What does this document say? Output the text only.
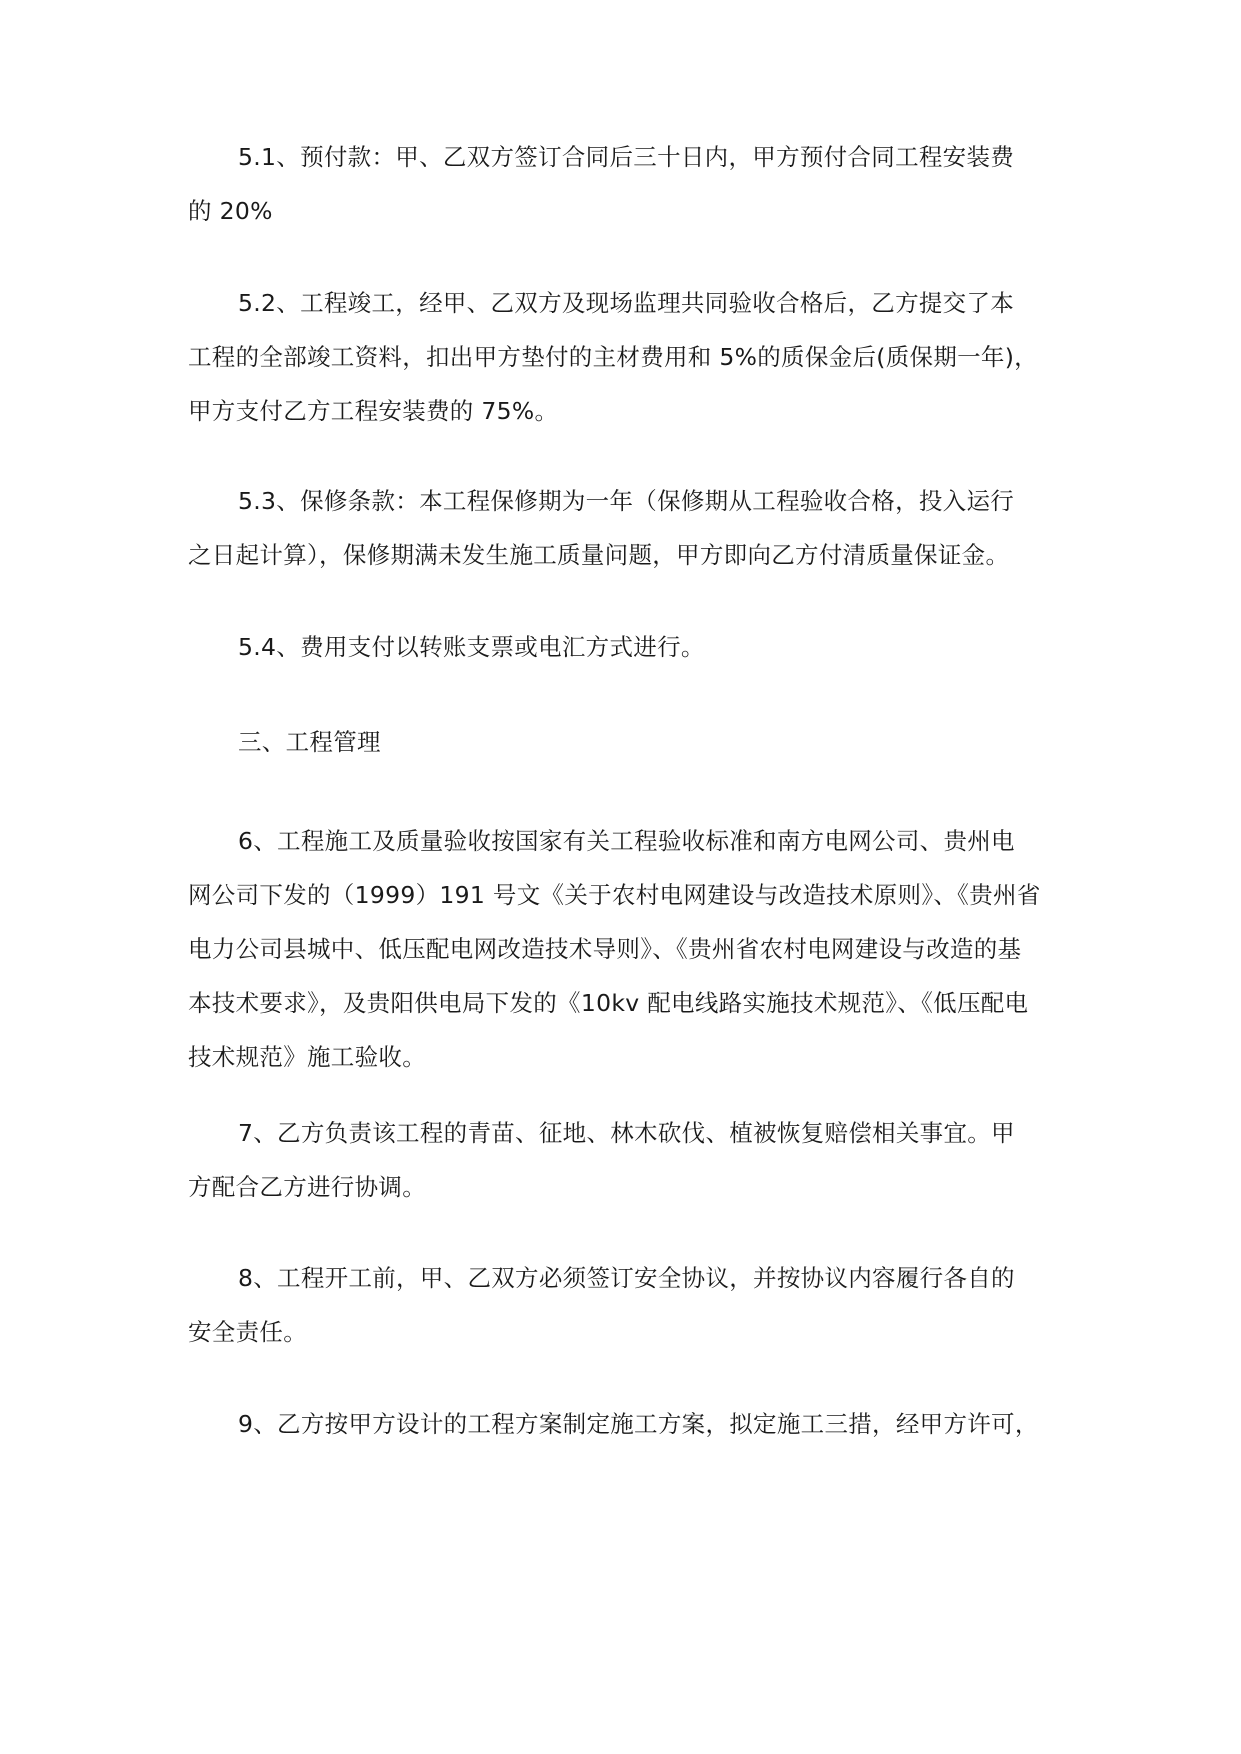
5.1、预付款：甲、乙双方签订合同后三十日内，甲方预付合同工程安装费
的 20%

5.2、工程竣工，经甲、乙双方及现场监理共同验收合格后，乙方提交了本
工程的全部竣工资料，扣出甲方垫付的主材费用和 5%的质保金后(质保期一年)，
甲方支付乙方工程安装费的 75%。

5.3、保修条款：本工程保修期为一年（保修期从工程验收合格，投入运行
之日起计算），保修期满未发生施工质量问题，甲方即向乙方付清质量保证金。

5.4、费用支付以转账支票或电汇方式进行。

三、工程管理

6、工程施工及质量验收按国家有关工程验收标准和南方电网公司、贵州电
网公司下发的（1999）191 号文《关于农村电网建设与改造技术原则》、《贵州省
电力公司县城中、低压配电网改造技术导则》、《贵州省农村电网建设与改造的基
本技术要求》，及贵阳供电局下发的《10kv 配电线路实施技术规范》、《低压配电
技术规范》施工验收。

7、乙方负责该工程的青苗、征地、林木砍伐、植被恢复赔偿相关事宜。甲
方配合乙方进行协调。

8、工程开工前，甲、乙双方必须签订安全协议，并按协议内容履行各自的
安全责任。

9、乙方按甲方设计的工程方案制定施工方案，拟定施工三措，经甲方许可，
